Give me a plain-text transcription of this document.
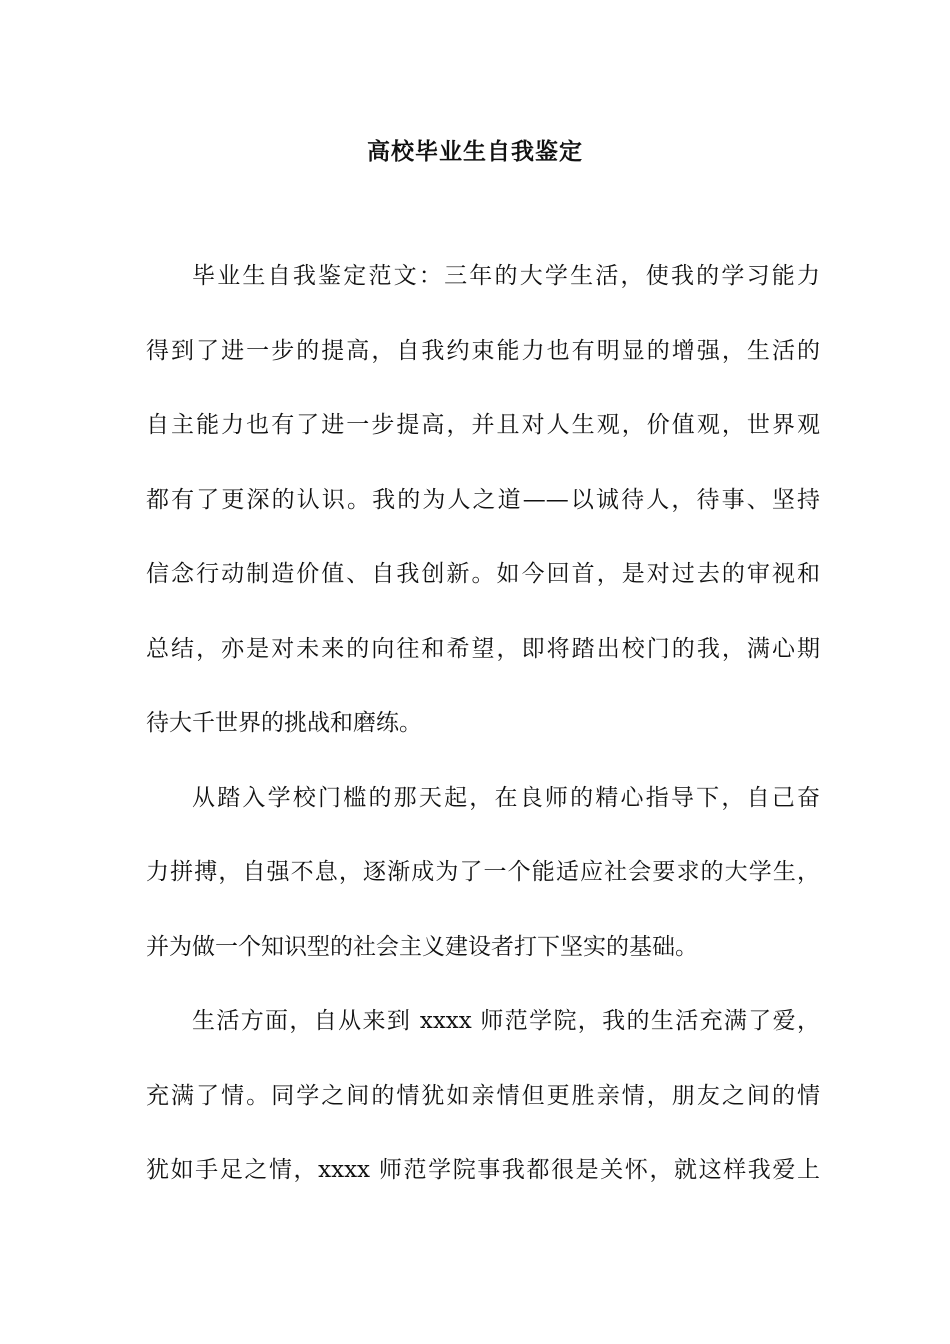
高校毕业生自我鉴定
毕业生自我鉴定范文：三年的大学生活，使我的学习能力
得到了进一步的提高，自我约束能力也有明显的增强，生活的
自主能力也有了进一步提高，并且对人生观，价值观，世界观
都有了更深的认识。我的为人之道——以诚待人，待事、坚持
信念行动制造价值、自我创新。如今回首，是对过去的审视和
总结，亦是对未来的向往和希望，即将踏出校门的我，满心期
待大千世界的挑战和磨练。
从踏入学校门槛的那天起，在良师的精心指导下，自己奋
力拼搏，自强不息，逐渐成为了一个能适应社会要求的大学生，
并为做一个知识型的社会主义建设者打下坚实的基础。
生活方面，自从来到 xxxx 师范学院，我的生活充满了爱，
充满了情。同学之间的情犹如亲情但更胜亲情，朋友之间的情
犹如手足之情，xxxx 师范学院事我都很是关怀，就这样我爱上
